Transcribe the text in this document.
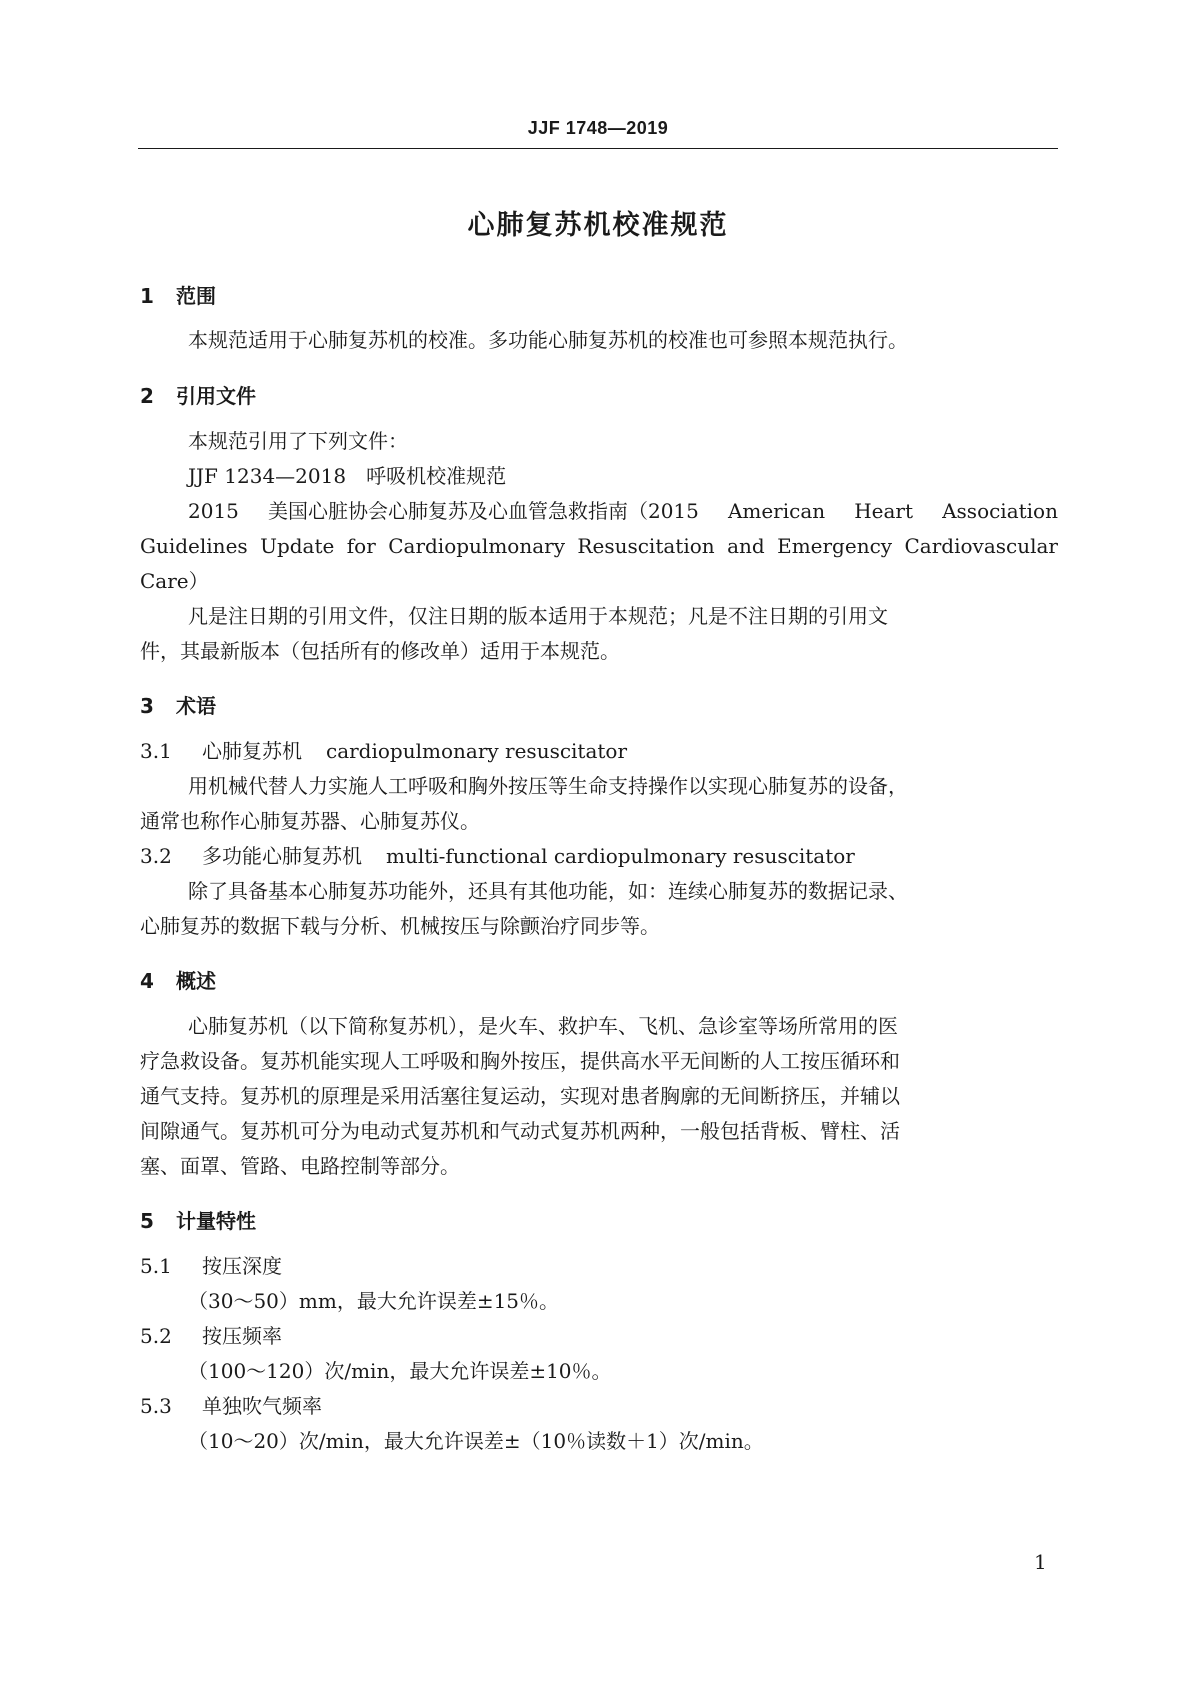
JJF 1748—2019
心肺复苏机校准规范
1 范围
本规范适用于心肺复苏机的校准。多功能心肺复苏机的校准也可参照本规范执行。
2 引用文件
本规范引用了下列文件：
JJF 1234—2018　呼吸机校准规范
2015 美国心脏协会心肺复苏及心血管急救指南（2015 American Heart Association
Guidelines Update for Cardiopulmonary Resuscitation and Emergency Cardiovascular
Care）
凡是注日期的引用文件，仅注日期的版本适用于本规范；凡是不注日期的引用文
件，其最新版本（包括所有的修改单）适用于本规范。
3 术语
3.1 心肺复苏机 cardiopulmonary resuscitator
用机械代替人力实施人工呼吸和胸外按压等生命支持操作以实现心肺复苏的设备，
通常也称作心肺复苏器、心肺复苏仪。
3.2 多功能心肺复苏机 multi-functional cardiopulmonary resuscitator
除了具备基本心肺复苏功能外，还具有其他功能，如：连续心肺复苏的数据记录、
心肺复苏的数据下载与分析、机械按压与除颤治疗同步等。
4 概述
心肺复苏机（以下简称复苏机），是火车、救护车、飞机、急诊室等场所常用的医
疗急救设备。复苏机能实现人工呼吸和胸外按压，提供高水平无间断的人工按压循环和
通气支持。复苏机的原理是采用活塞往复运动，实现对患者胸廓的无间断挤压，并辅以
间隙通气。复苏机可分为电动式复苏机和气动式复苏机两种，一般包括背板、臂柱、活
塞、面罩、管路、电路控制等部分。
5 计量特性
5.1 按压深度
（30～50）mm，最大允许误差±15％。
5.2 按压频率
（100～120）次/min，最大允许误差±10％。
5.3 单独吹气频率
（10～20）次/min，最大允许误差±（10％读数＋1）次/min。
1
